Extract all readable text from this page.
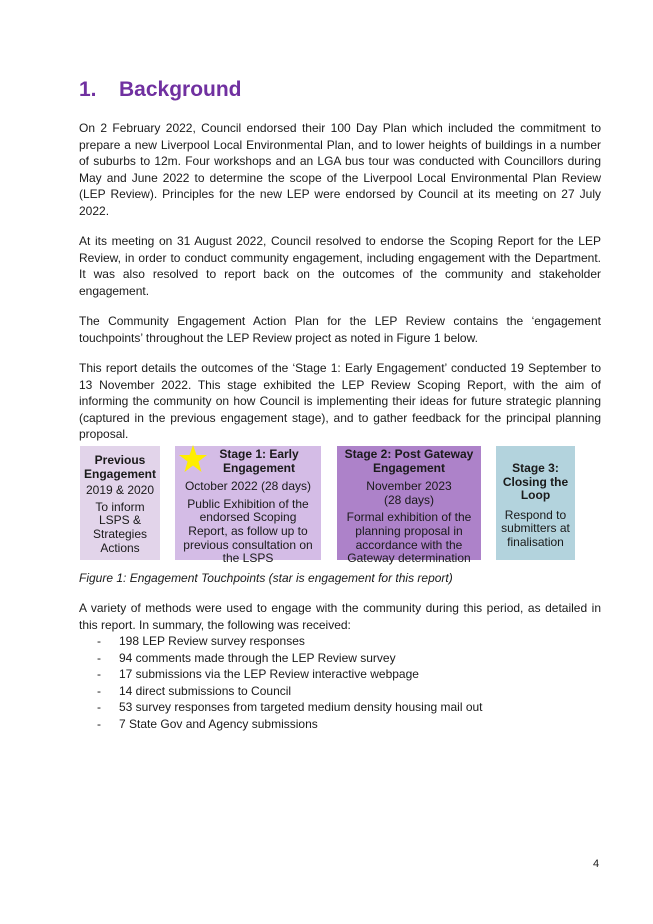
1. Background

On 2 February 2022, Council endorsed their 100 Day Plan which included the commitment to prepare a new Liverpool Local Environmental Plan, and to lower heights of buildings in a number of suburbs to 12m. Four workshops and an LGA bus tour was conducted with Councillors during May and June 2022 to determine the scope of the Liverpool Local Environmental Plan Review (LEP Review). Principles for the new LEP were endorsed by Council at its meeting on 27 July 2022.

At its meeting on 31 August 2022, Council resolved to endorse the Scoping Report for the LEP Review, in order to conduct community engagement, including engagement with the Department. It was also resolved to report back on the outcomes of the community and stakeholder engagement.

The Community Engagement Action Plan for the LEP Review contains the ‘engagement touchpoints’ throughout the LEP Review project as noted in Figure 1 below.

This report details the outcomes of the ‘Stage 1: Early Engagement’ conducted 19 September to 13 November 2022. This stage exhibited the LEP Review Scoping Report, with the aim of informing the community on how Council is implementing their ideas for future strategic planning (captured in the previous engagement stage), and to gather feedback for the principal planning proposal.

Previous Engagement
2019 & 2020
To inform LSPS & Strategies Actions
Stage 1: Early Engagement
October 2022 (28 days)
Public Exhibition of the endorsed Scoping Report, as follow up to previous consultation on the LSPS
Stage 2: Post Gateway Engagement
November 2023 (28 days)
Formal exhibition of the planning proposal in accordance with the Gateway determination
Stage 3: Closing the Loop
Respond to submitters at finalisation
Figure 1: Engagement Touchpoints (star is engagement for this report)

A variety of methods were used to engage with the community during this period, as detailed in this report. In summary, the following was received:

- 198 LEP Review survey responses
- 94 comments made through the LEP Review survey
- 17 submissions via the LEP Review interactive webpage
- 14 direct submissions to Council
- 53 survey responses from targeted medium density housing mail out
- 7 State Gov and Agency submissions
4
